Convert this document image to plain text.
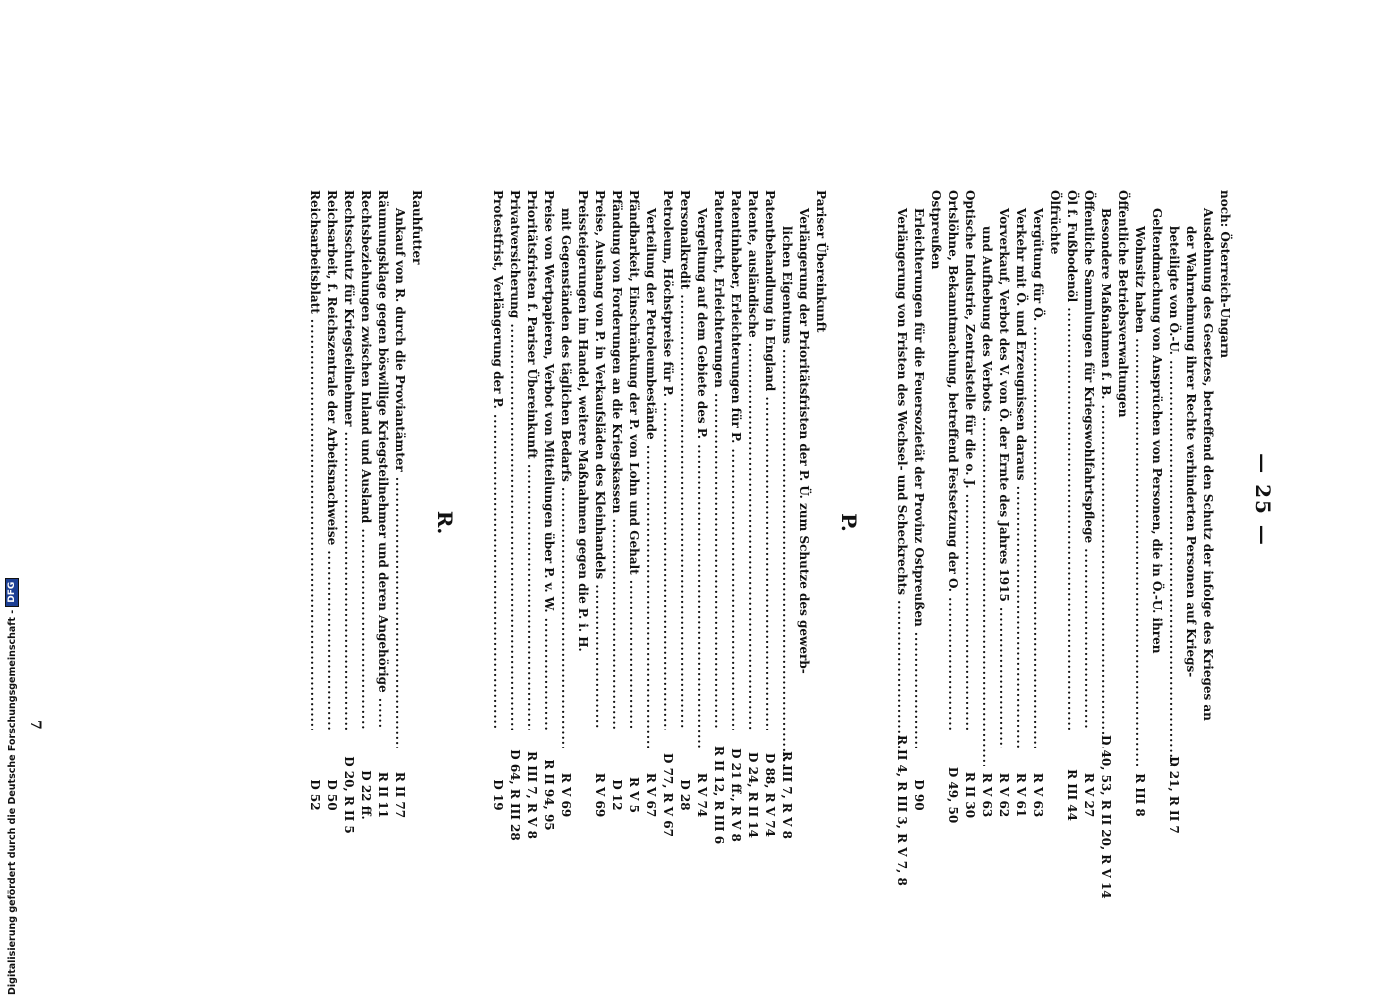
— 25 —
noch: Österreich-Ungarn
Ausdehnung des Gesetzes, betreffend den Schutz der infolge des Krieges an
der Wahrnehmung ihrer Rechte verhinderten Personen auf Kriegs-
beteiligte von Ö.-U. .....
D 21, R II 7
Geltendmachung von Ansprüchen von Personen, die in Ö.-U. ihren
Wohnsitz haben .....
R III 8
Öffentliche Betriebsverwaltungen
Besondere Maßnahmen f. B. .....
D 40, 53, R II 20, R V 14
Öffentliche Sammlungen für Kriegswohlfahrtspflege .....
R V 27
Öl f. Fußbodenöl .....
R III 44
Ölfrüchte
Vergütung für Ö. .....
R V 63
Verkehr mit Ö. und Erzeugnissen daraus .....
R V 61
Vorverkauf, Verbot des V. von Ö. der Ernte des Jahres 1915 .....
R V 62
und Aufhebung des Verbots .....
R V 63
Optische Industrie, Zentralstelle für die o. J. .....
R II 30
Ortslöhne, Bekanntmachung, betreffend Festsetzung der O. .....
D 49, 50
Ostpreußen
Erleichterungen für die Feuersozietät der Provinz Ostpreußen .....
D 90
Verlängerung von Fristen des Wechsel- und Scheckrechts .....
R II 4, R III 3, R V 7, 8
P.
Pariser Übereinkunft
Verlängerung der Prioritätsfristen der P. Ü. zum Schutze des gewerb-
lichen Eigentums .....
R III 7, R V 8
Patentbehandlung in England .....
D 88, R V 74
Patente, ausländische .....
D 24, R II 14
Patentinhaber, Erleichterungen für P. .....
D 21 ff., R V 8
Patentrecht, Erleichterungen .....
R II 12, R III 6
Vergeltung auf dem Gebiete des P. .....
R V 74
Personalkredit .....
D 28
Petroleum, Höchstpreise für P. .....
D 77, R V 67
Verteilung der Petroleumbestände .....
R V 67
Pfändbarkeit, Einschränkung der P. von Lohn und Gehalt .....
R V 5
Pfändung von Forderungen an die Kriegskassen .....
D 12
Preise, Aushang von P. in Verkaufsläden des Kleinhandels .....
R V 69
Preissteigerungen im Handel, weitere Maßnahmen gegen die P. i. H.
mit Gegenständen des täglichen Bedarfs .....
R V 69
Preise von Wertpapieren, Verbot von Mitteilungen über P. v. W. .....
R II 94, 95
Prioritätsfristen f. Pariser Übereinkunft .....
R III 7, R V 8
Privatversicherung .....
D 64, R III 28
Protestfrist, Verlängerung der P. .....
D 19
R.
Rauhfutter
Ankauf von R. durch die Proviantämter .....
R II 77
Räumungsklage gegen böswillige Kriegsteilnehmer und deren Angehörige .....
R II 11
Rechtsbeziehungen zwischen Inland und Ausland .....
D 22 ff.
Rechtsschutz für Kriegsteilnehmer .....
D 20, R II 5
Reichsarbeit, f. Reichszentrale der Arbeitsnachweise .....
D 50
Reichsarbeitsblatt .....
D 52
7
Digitalisierung gefördert durch die Deutsche Forschungsgemeinschaft -
DFG
